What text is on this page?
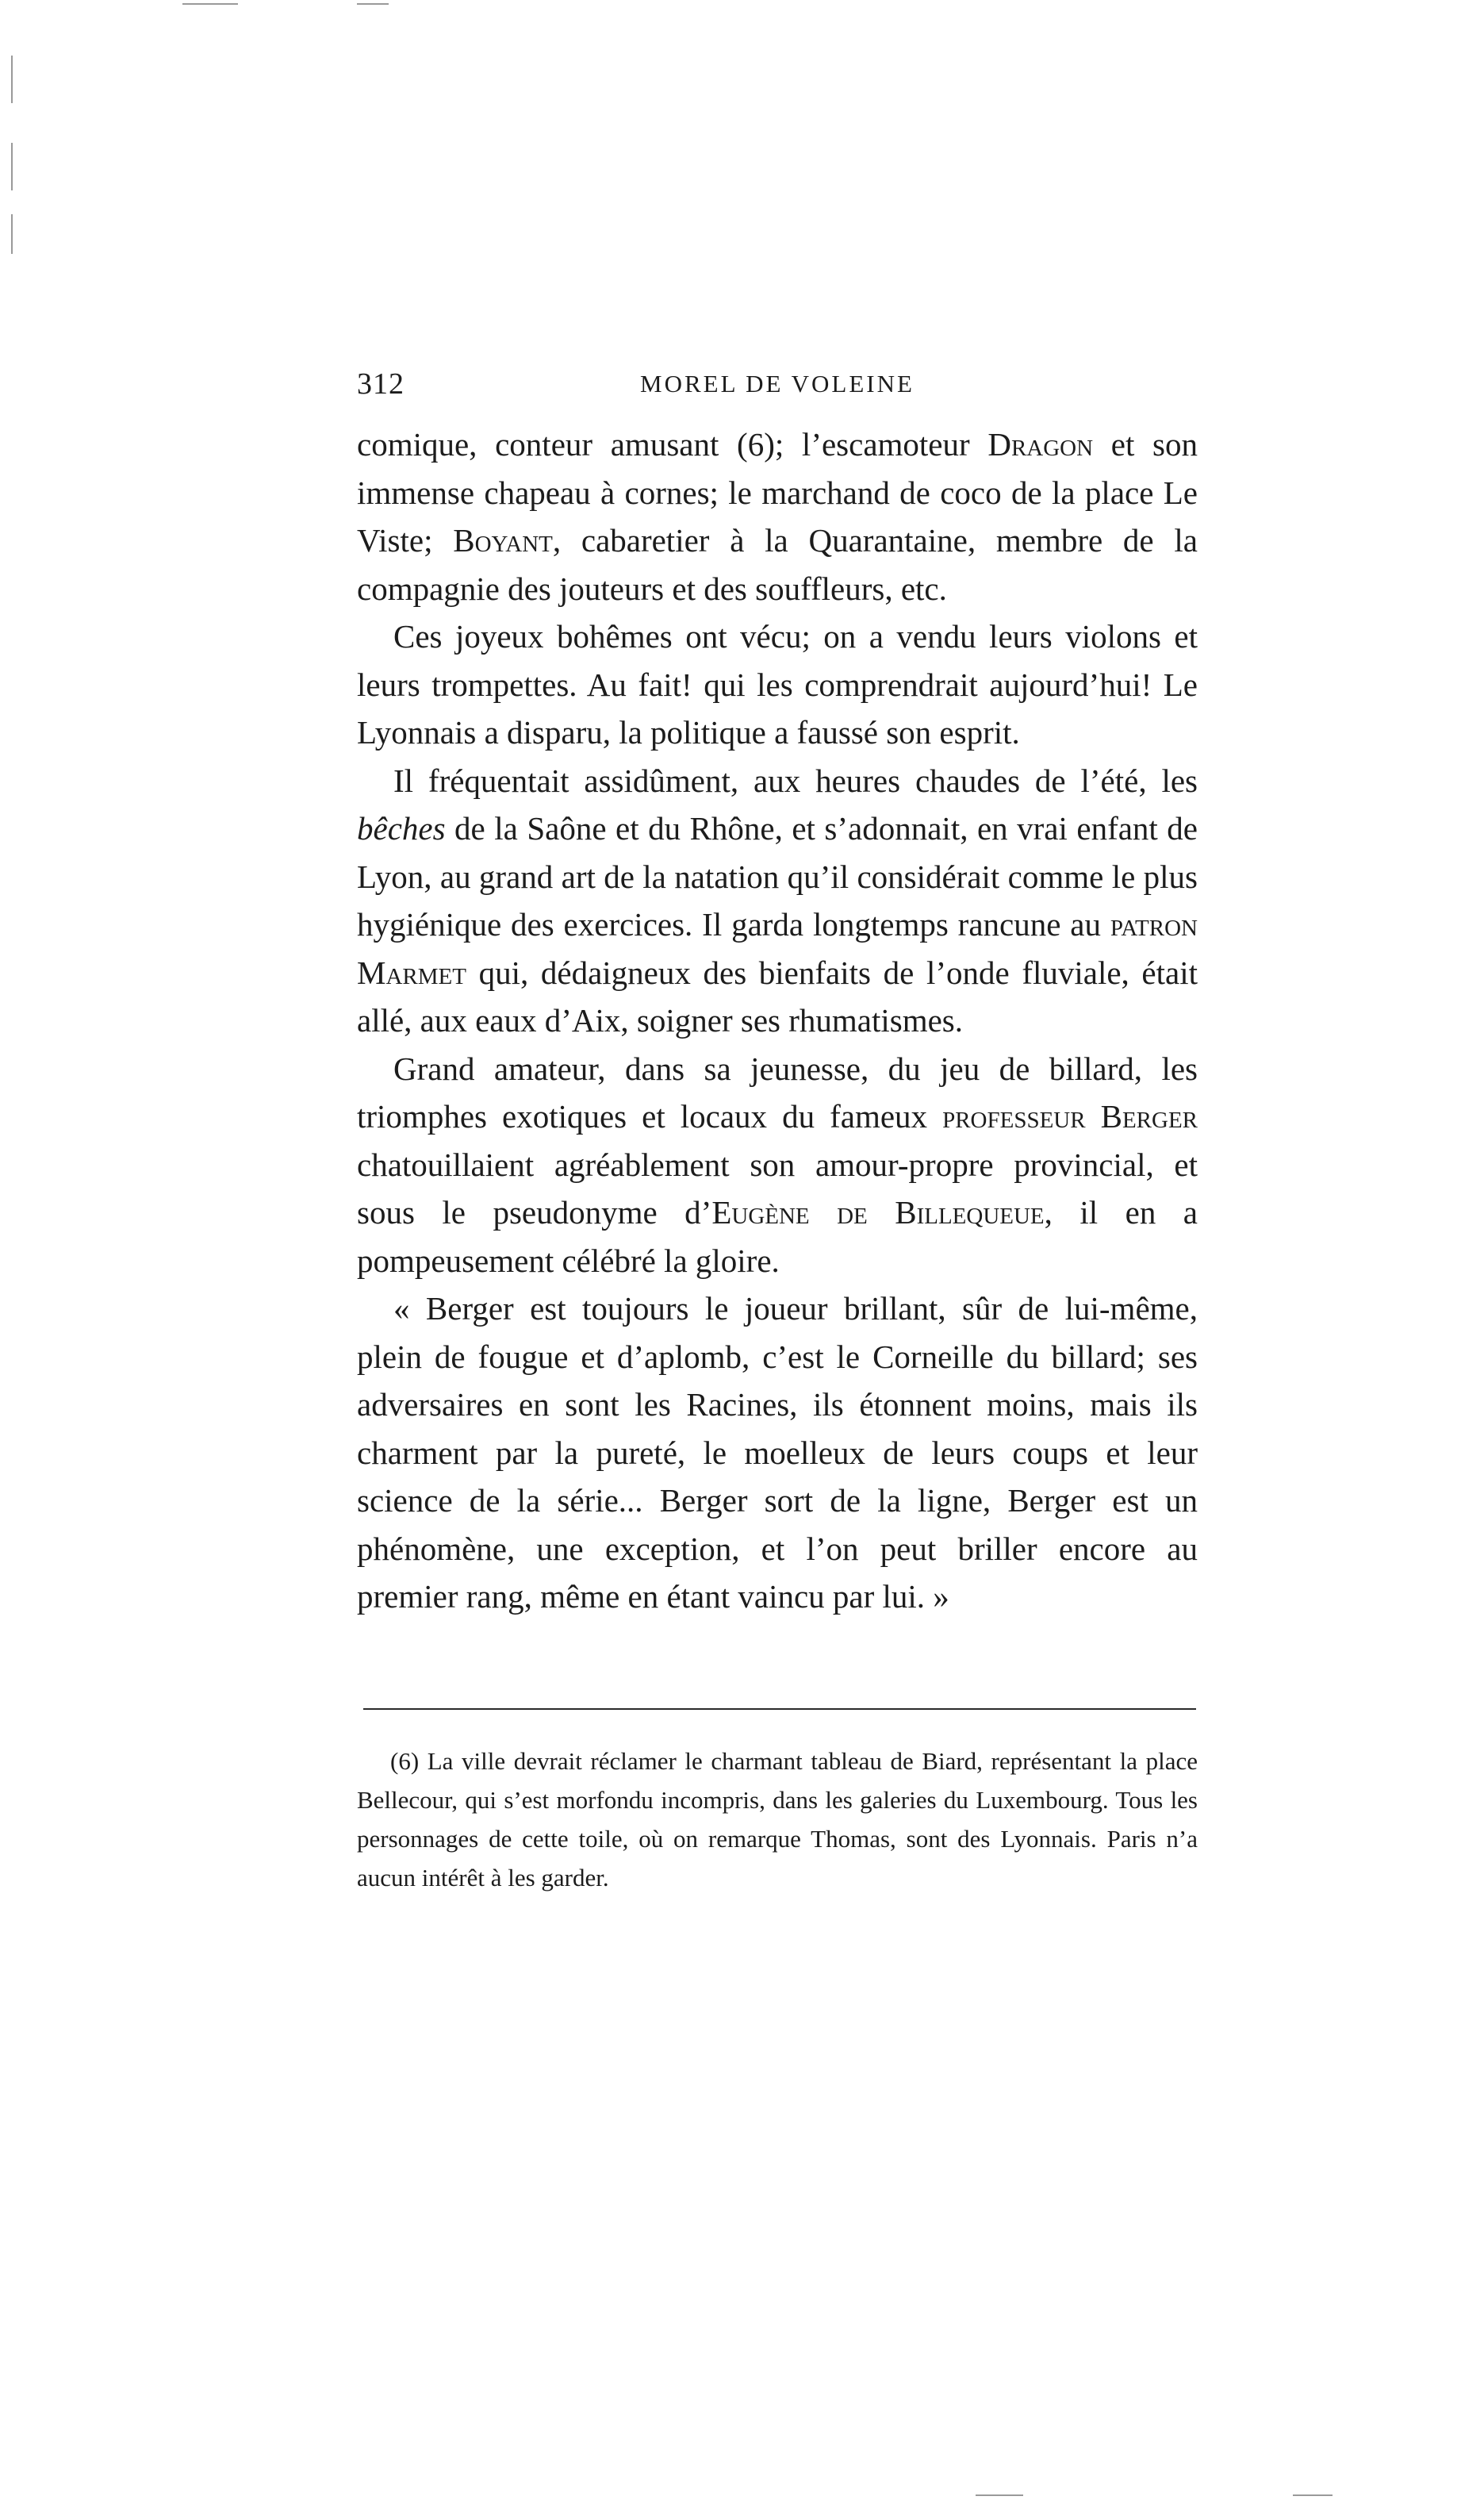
312	MOREL DE VOLEINE

comique, conteur amusant (6); l’escamoteur Dragon et son immense chapeau à cornes; le marchand de coco de la place Le Viste; Boyant, cabaretier à la Quarantaine, membre de la compagnie des jouteurs et des souffleurs, etc.

Ces joyeux bohêmes ont vécu; on a vendu leurs violons et leurs trompettes. Au fait! qui les comprendrait aujourd’hui! Le Lyonnais a disparu, la politique a faussé son esprit.

Il fréquentait assidûment, aux heures chaudes de l’été, les bêches de la Saône et du Rhône, et s’adonnait, en vrai enfant de Lyon, au grand art de la natation qu’il considérait comme le plus hygiénique des exercices. Il garda longtemps rancune au patron Marmet qui, dédaigneux des bienfaits de l’onde fluviale, était allé, aux eaux d’Aix, soigner ses rhumatismes.

Grand amateur, dans sa jeunesse, du jeu de billard, les triomphes exotiques et locaux du fameux professeur Berger chatouillaient agréablement son amour-propre provincial, et sous le pseudonyme d’Eugène de Billequeue, il en a pompeusement célébré la gloire.

« Berger est toujours le joueur brillant, sûr de lui-même, plein de fougue et d’aplomb, c’est le Corneille du billard; ses adversaires en sont les Racines, ils étonnent moins, mais ils charment par la pureté, le moelleux de leurs coups et leur science de la série... Berger sort de la ligne, Berger est un phénomène, une exception, et l’on peut briller encore au premier rang, même en étant vaincu par lui. »

(6) La ville devrait réclamer le charmant tableau de Biard, représentant la place Bellecour, qui s’est morfondu incompris, dans les galeries du Luxembourg. Tous les personnages de cette toile, où on remarque Thomas, sont des Lyonnais. Paris n’a aucun intérêt à les garder.
